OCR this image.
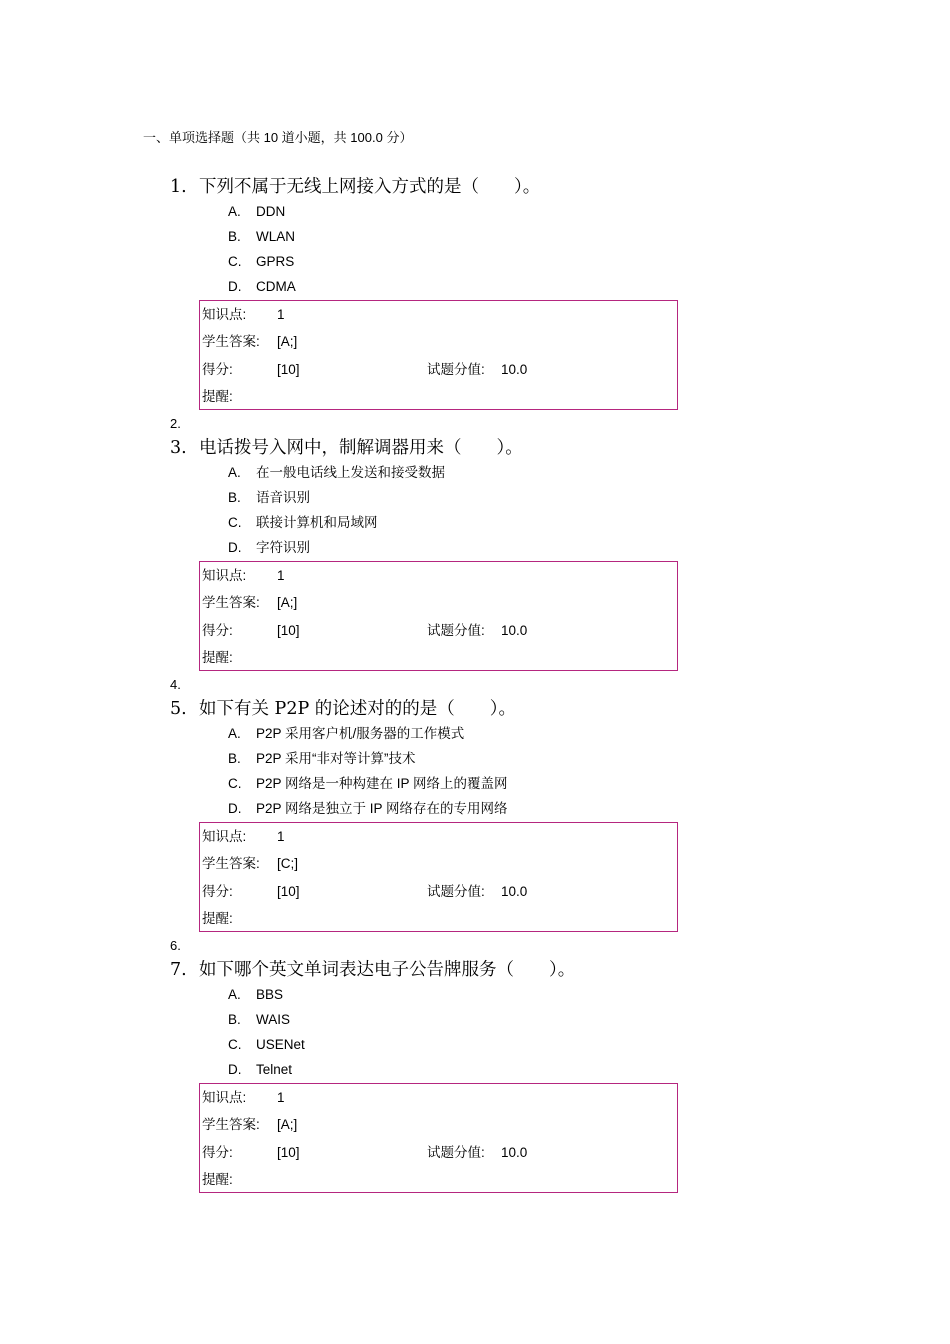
一、单项选择题（共 10 道小题，共 100.0 分）
1. 下列不属于无线上网接入方式的是（　　）。
A. DDN
B. WLAN
C. GPRS
D. CDMA
知识点: 1
学生答案: [A;]
得分:	[10]	试题分值: 10.0
提醒:
2.
3. 电话拨号入网中，制解调器用来（　　）。
A. 在一般电话线上发送和接受数据
B. 语音识别
C. 联接计算机和局域网
D. 字符识别
知识点: 1
学生答案: [A;]
得分:	[10]	试题分值: 10.0
提醒:
4.
5. 如下有关 P2P 的论述对的的是（　　）。
A. P2P 采用客户机/服务器的工作模式
B. P2P 采用“非对等计算”技术
C. P2P 网络是一种构建在 IP 网络上的覆盖网
D. P2P 网络是独立于 IP 网络存在的专用网络
知识点: 1
学生答案: [C;]
得分:	[10]	试题分值: 10.0
提醒:
6.
7. 如下哪个英文单词表达电子公告牌服务（　　）。
A. BBS
B. WAIS
C. USENet
D. Telnet
知识点: 1
学生答案: [A;]
得分:	[10]	试题分值: 10.0
提醒:
